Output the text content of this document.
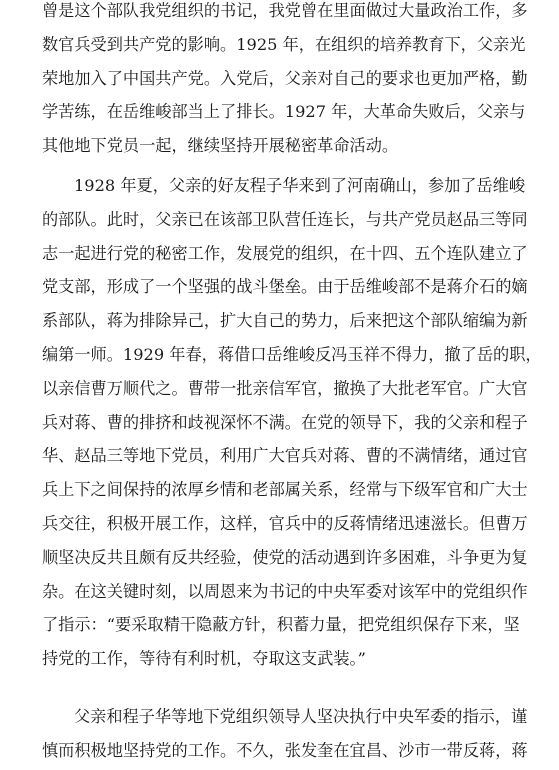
曾是这个部队我党组织的书记，我党曾在里面做过大量政治工作，多
数官兵受到共产党的影响。1925 年，在组织的培养教育下，父亲光
荣地加入了中国共产党。入党后，父亲对自己的要求也更加严格，勤
学苦练，在岳维峻部当上了排长。1927 年，大革命失败后，父亲与
其他地下党员一起，继续坚持开展秘密革命活动。
1928 年夏，父亲的好友程子华来到了河南确山，参加了岳维峻
的部队。此时，父亲已在该部卫队营任连长，与共产党员赵品三等同
志一起进行党的秘密工作，发展党的组织，在十四、五个连队建立了
党支部，形成了一个坚强的战斗堡垒。由于岳维峻部不是蒋介石的嫡
系部队，蒋为排除异己，扩大自己的势力，后来把这个部队缩编为新
编第一师。1929 年春，蒋借口岳维峻反冯玉祥不得力，撤了岳的职，
以亲信曹万顺代之。曹带一批亲信军官，撤换了大批老军官。广大官
兵对蒋、曹的排挤和歧视深怀不满。在党的领导下，我的父亲和程子
华、赵品三等地下党员，利用广大官兵对蒋、曹的不满情绪，通过官
兵上下之间保持的浓厚乡情和老部属关系，经常与下级军官和广大士
兵交往，积极开展工作，这样，官兵中的反蒋情绪迅速滋长。但曹万
顺坚决反共且颇有反共经验，使党的活动遇到许多困难，斗争更为复
杂。在这关键时刻，以周恩来为书记的中央军委对该军中的党组织作
了指示：“要采取精干隐蔽方针，积蓄力量，把党组织保存下来，坚
持党的工作，等待有利时机，夺取这支武装。”
父亲和程子华等地下党组织领导人坚决执行中央军委的指示，谨
慎而积极地坚持党的工作。不久，张发奎在宜昌、沙市一带反蒋，蒋
